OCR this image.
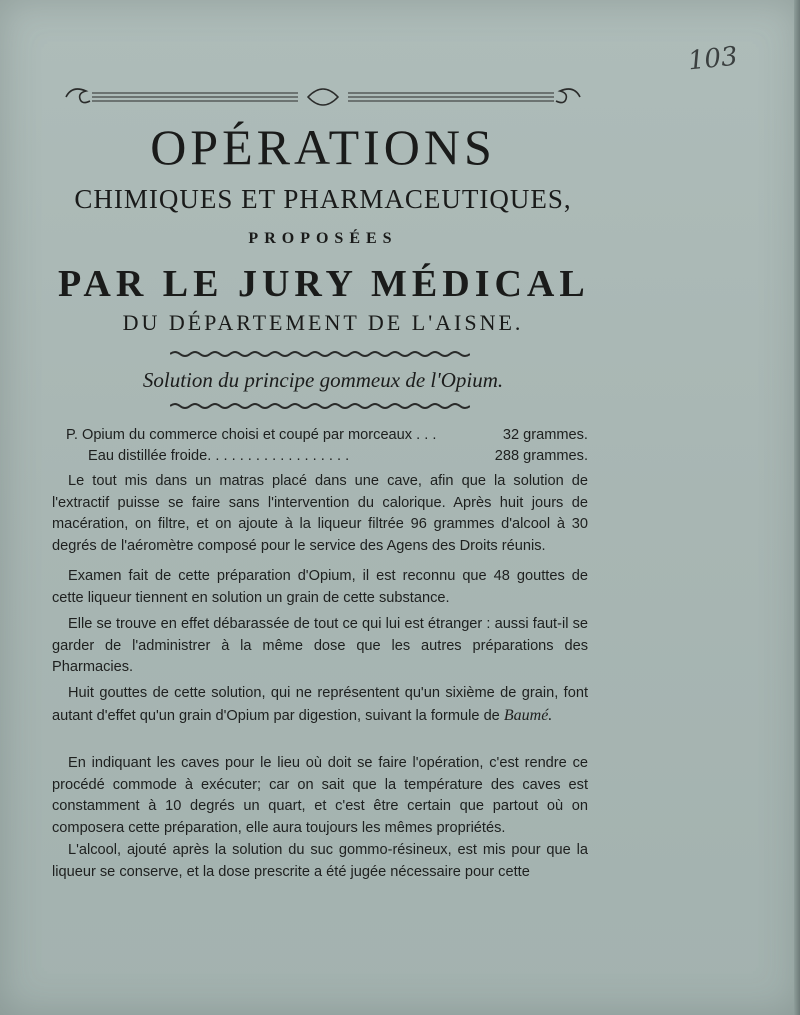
103
OPÉRATIONS
CHIMIQUES ET PHARMACEUTIQUES,
PROPOSÉES
PAR LE JURY MÉDICAL
DU DÉPARTEMENT DE L'AISNE.
Solution du principe gommeux de l'Opium.
P. Opium du commerce choisi et coupé par morceaux . . .	32 grammes.
Eau distillée froide. . . . . . . . . . . . . . . . . .	288 grammes.

Le tout mis dans un matras placé dans une cave, afin que la solution de l'extractif puisse se faire sans l'intervention du calorique. Après huit jours de macération, on filtre, et on ajoute à la liqueur filtrée 96 grammes d'alcool à 30 degrés de l'aéromètre composé pour le service des Agens des Droits réunis.

Examen fait de cette préparation d'Opium, il est reconnu que 48 gouttes de cette liqueur tiennent en solution un grain de cette substance.

Elle se trouve en effet débarassée de tout ce qui lui est étranger : aussi faut-il se garder de l'administrer à la même dose que les autres préparations des Pharmacies.

Huit gouttes de cette solution, qui ne représentent qu'un sixième de grain, font autant d'effet qu'un grain d'Opium par digestion, suivant la formule de Baumé.

En indiquant les caves pour le lieu où doit se faire l'opération, c'est rendre ce procédé commode à exécuter; car on sait que la température des caves est constamment à 10 degrés un quart, et c'est être certain que partout où on composera cette préparation, elle aura toujours les mêmes propriétés.

L'alcool, ajouté après la solution du suc gommo-résineux, est mis pour que la liqueur se conserve, et la dose prescrite a été jugée nécessaire pour cette
